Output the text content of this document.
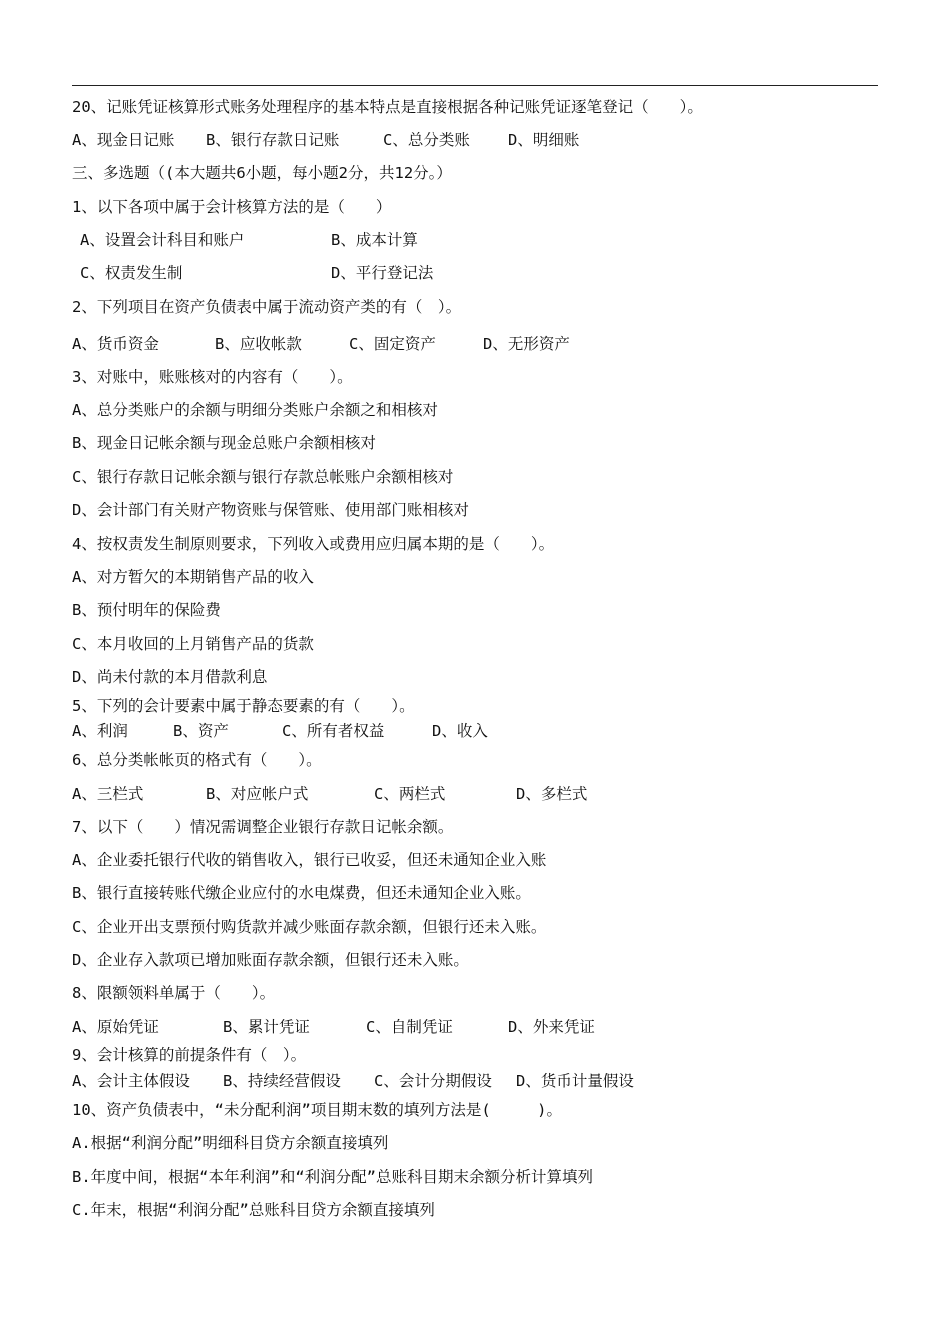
20、记账凭证核算形式账务处理程序的基本特点是直接根据各种记账凭证逐笔登记（　　）。
A、现金日记账 B、银行存款日记账	C、总分类账 D、明细账
三、多选题（(本大题共6小题，每小题2分，共12分。）
1、以下各项中属于会计核算方法的是（　　）
A、设置会计科目和账户	B、成本计算
C、权责发生制	D、平行登记法
2、下列项目在资产负债表中属于流动资产类的有（　）。
A、货币资金	B、应收帐款	C、固定资产	D、无形资产
3、对账中，账账核对的内容有（　　）。
A、总分类账户的余额与明细分类账户余额之和相核对
B、现金日记帐余额与现金总账户余额相核对
C、银行存款日记帐余额与银行存款总帐账户余额相核对
D、会计部门有关财产物资账与保管账、使用部门账相核对
4、按权责发生制原则要求，下列收入或费用应归属本期的是（　　）。
A、对方暂欠的本期销售产品的收入
B、预付明年的保险费
C、本月收回的上月销售产品的货款
D、尚未付款的本月借款利息
5、下列的会计要素中属于静态要素的有（　　）。
A、利润	B、资产	C、所有者权益	D、收入
6、总分类帐帐页的格式有（　　）。
A、三栏式	B、对应帐户式	C、两栏式	D、多栏式
7、以下（　　）情况需调整企业银行存款日记帐余额。
A、企业委托银行代收的销售收入，银行已收妥，但还未通知企业入账
B、银行直接转账代缴企业应付的水电煤费，但还未通知企业入账。
C、企业开出支票预付购货款并减少账面存款余额，但银行还未入账。
D、企业存入款项已增加账面存款余额，但银行还未入账。
8、限额领料单属于（　　）。
A、原始凭证	B、累计凭证	C、自制凭证	D、外来凭证
9、会计核算的前提条件有（　）。
A、会计主体假设 B、持续经营假设 C、会计分期假设 D、货币计量假设
10、资产负债表中，“未分配利润”项目期末数的填列方法是(　　　)。
A.根据“利润分配”明细科目贷方余额直接填列
B.年度中间，根据“本年利润”和“利润分配”总账科目期末余额分析计算填列
C.年末，根据“利润分配”总账科目贷方余额直接填列
